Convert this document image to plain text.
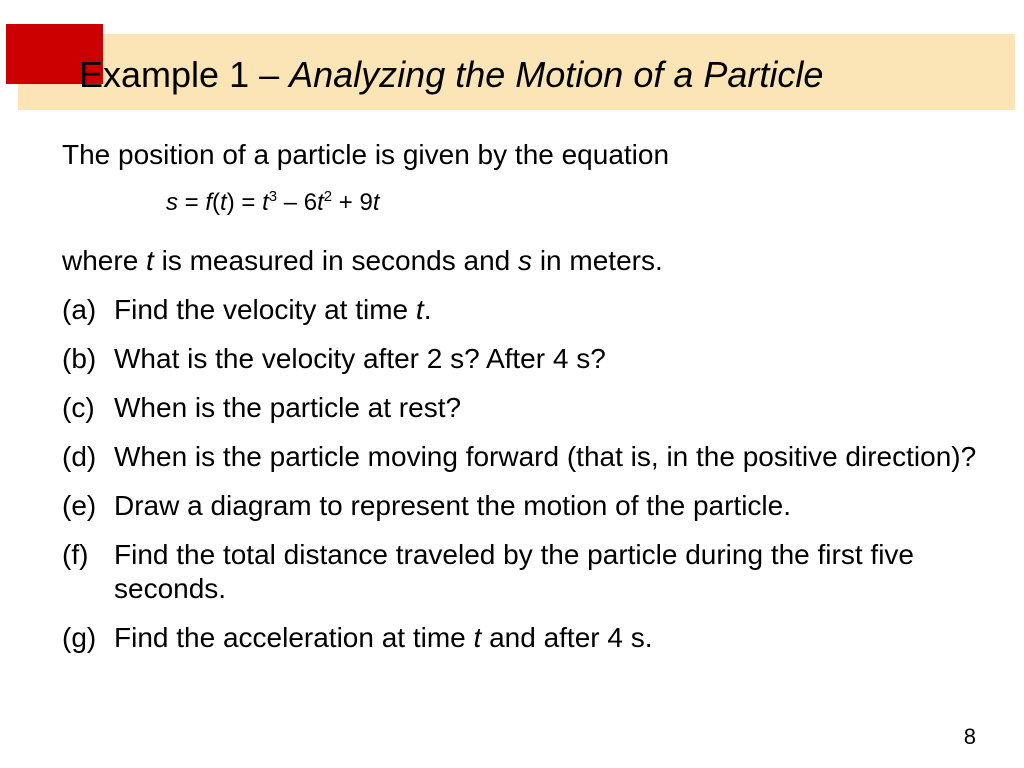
Example 1 – Analyzing the Motion of a Particle

The position of a particle is given by the equation

$s = f(t) = t^3 - 6t^2 + 9t$

where t is measured in seconds and s in meters.

(a) Find the velocity at time t.
(b) What is the velocity after 2 s? After 4 s?
(c) When is the particle at rest?
(d) When is the particle moving forward (that is, in the positive direction)?
(e) Draw a diagram to represent the motion of the particle.
(f) Find the total distance traveled by the particle during the first five seconds.
(g) Find the acceleration at time t and after 4 s.
8
